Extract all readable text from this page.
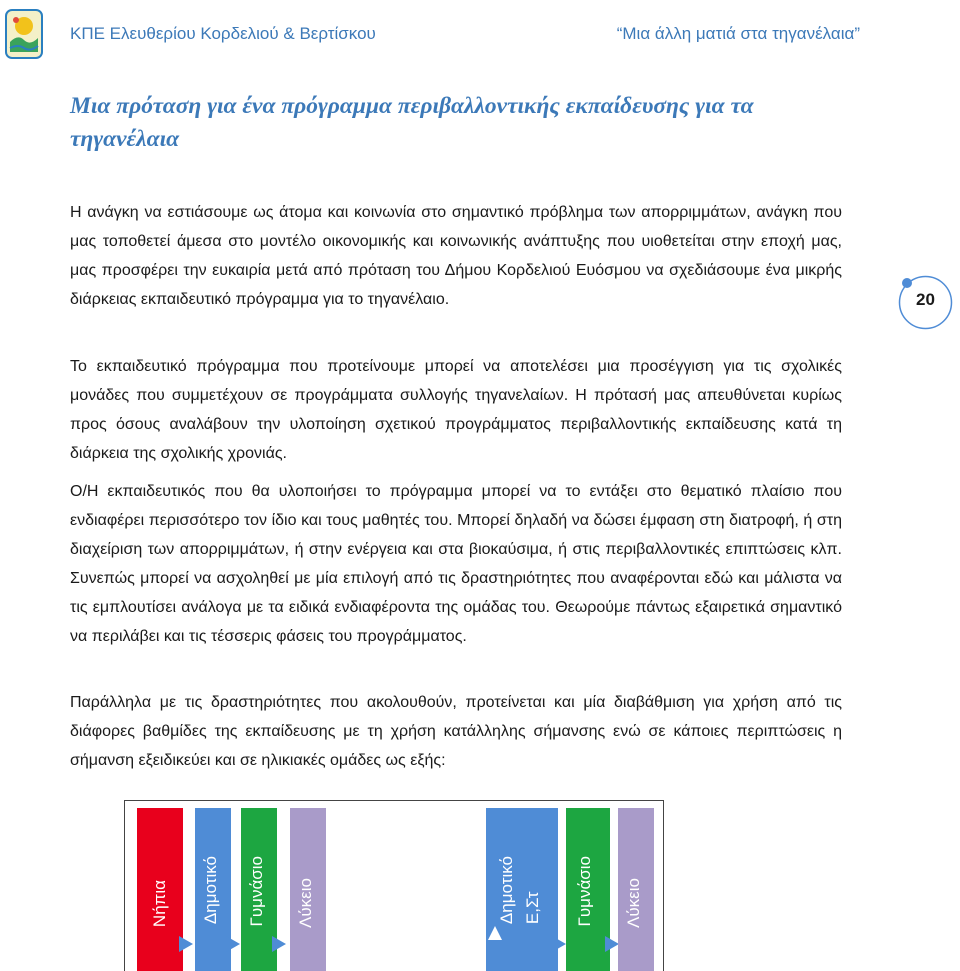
ΚΠΕ Ελευθερίου Κορδελιού & Βερτίσκου	“Μια άλλη ματιά στα τηγανέλαια”
Μια πρόταση για ένα πρόγραμμα περιβαλλοντικής εκπαίδευσης για τα τηγανέλαια
Η ανάγκη να εστιάσουμε ως άτομα και κοινωνία στο σημαντικό πρόβλημα των απορριμμάτων, ανάγκη που μας τοποθετεί άμεσα στο μοντέλο οικονομικής και κοινωνικής ανάπτυξης που υιοθετείται στην εποχή μας, μας προσφέρει την ευκαιρία μετά από πρόταση του Δήμου Κορδελιού Ευόσμου να σχεδιάσουμε ένα μικρής διάρκειας εκπαιδευτικό πρόγραμμα για το τηγανέλαιο.
Το εκπαιδευτικό πρόγραμμα που προτείνουμε μπορεί να αποτελέσει μια προσέγγιση για τις σχολικές μονάδες που συμμετέχουν σε προγράμματα συλλογής τηγανελαίων. Η πρότασή μας απευθύνεται κυρίως προς όσους αναλάβουν την υλοποίηση σχετικού προγράμματος περιβαλλοντικής εκπαίδευσης κατά τη διάρκεια της σχολικής χρονιάς.
Ο/Η εκπαιδευτικός που θα υλοποιήσει το πρόγραμμα μπορεί να το εντάξει στο θεματικό πλαίσιο που ενδιαφέρει περισσότερο τον ίδιο και τους μαθητές του. Μπορεί δηλαδή να δώσει έμφαση στη διατροφή, ή στη διαχείριση των απορριμμάτων, ή στην ενέργεια και στα βιοκαύσιμα, ή στις περιβαλλοντικές επιπτώσεις κλπ. Συνεπώς μπορεί να ασχοληθεί με μία επιλογή από τις δραστηριότητες που αναφέρονται εδώ και μάλιστα να τις εμπλουτίσει ανάλογα με τα ειδικά ενδιαφέροντα της ομάδας του. Θεωρούμε πάντως εξαιρετικά σημαντικό να περιλάβει και τις τέσσερις φάσεις του προγράμματος.
Παράλληλα με τις δραστηριότητες που ακολουθούν, προτείνεται και μία διαβάθμιση για χρήση από τις διάφορες βαθμίδες της εκπαίδευσης με τη χρήση κατάλληλης σήμανσης ενώ σε κάποιες περιπτώσεις η σήμανση εξειδικεύει και σε ηλικιακές ομάδες ως εξής:
20
Νήπια Δημοτικό Γυμνάσιο Λύκειο	Δημοτικό
Ε,Στ Γυμνάσιο Λύκειο
